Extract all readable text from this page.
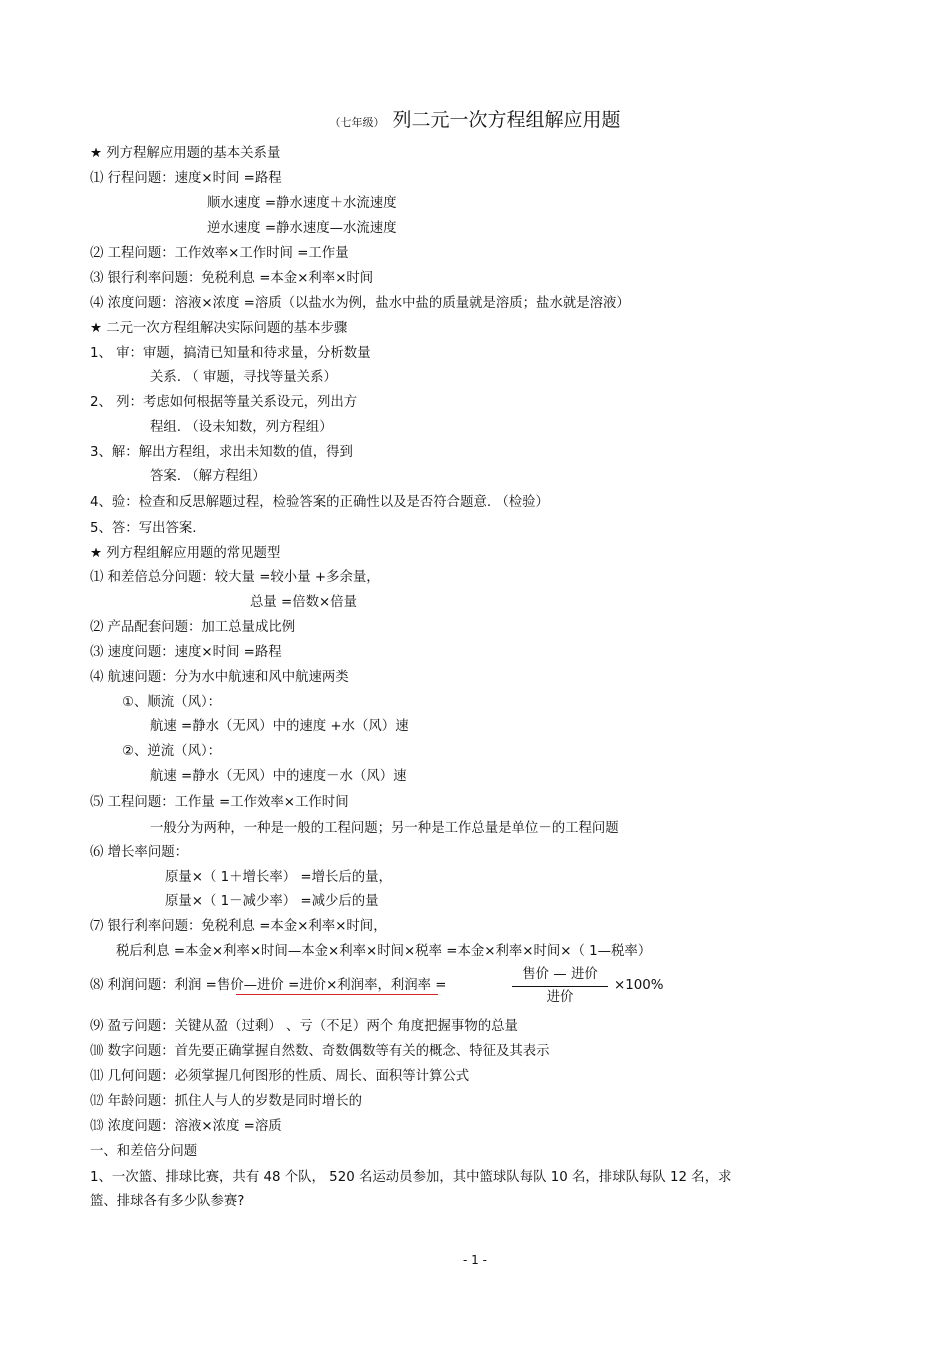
（七年级） 列二元一次方程组解应用题
★ 列方程解应用题的基本关系量
⑴ 行程问题：速度×时间 =路程
顺水速度 =静水速度＋水流速度
逆水速度 =静水速度—水流速度
⑵ 工程问题：工作效率×工作时间 =工作量
⑶ 银行利率问题：免税利息 =本金×利率×时间
⑷ 浓度问题：溶液×浓度 =溶质（以盐水为例，盐水中盐的质量就是溶质；盐水就是溶液）
★ 二元一次方程组解决实际问题的基本步骤
1、 审：审题，搞清已知量和待求量，分析数量
关系. （ 审题，寻找等量关系）
2、 列：考虑如何根据等量关系设元，列出方
程组. （设未知数，列方程组）
3、解：解出方程组，求出未知数的值，得到
答案. （解方程组）
4、验：检查和反思解题过程，检验答案的正确性以及是否符合题意. （检验）
5、答：写出答案.
★ 列方程组解应用题的常见题型
⑴ 和差倍总分问题：较大量 =较小量 +多余量，
总量 =倍数×倍量
⑵ 产品配套问题：加工总量成比例
⑶ 速度问题：速度×时间 =路程
⑷ 航速问题：分为水中航速和风中航速两类
①、顺流（风）：
航速 =静水（无风）中的速度 +水（风）速
②、逆流（风）：
航速 =静水（无风）中的速度－水（风）速
⑸ 工程问题：工作量 =工作效率×工作时间
一般分为两种，一种是一般的工程问题；另一种是工作总量是单位－的工程问题
⑹ 增长率问题：
原量×（ 1＋增长率） =增长后的量，
原量×（ 1－减少率） =减少后的量
⑺ 银行利率问题：免税利息 =本金×利率×时间，
税后利息 =本金×利率×时间—本金×利率×时间×税率 =本金×利率×时间×（ 1—税率）
⑻ 利润问题：利润 =售价—进价 =进价×利润率，利润率 =
售价 — 进价
进价
×100%
⑼ 盈亏问题：关键从盈（过剩） 、亏（不足）两个 角度把握事物的总量
⑽ 数字问题：首先要正确掌握自然数、奇数偶数等有关的概念、特征及其表示
⑾ 几何问题：必须掌握几何图形的性质、周长、面积等计算公式
⑿ 年龄问题：抓住人与人的岁数是同时增长的
⒀ 浓度问题：溶液×浓度 =溶质
一、和差倍分问题
1、一次篮、排球比赛，共有 48 个队， 520 名运动员参加，其中篮球队每队 10 名，排球队每队 12 名，求
篮、排球各有多少队参赛?
- 1 -
